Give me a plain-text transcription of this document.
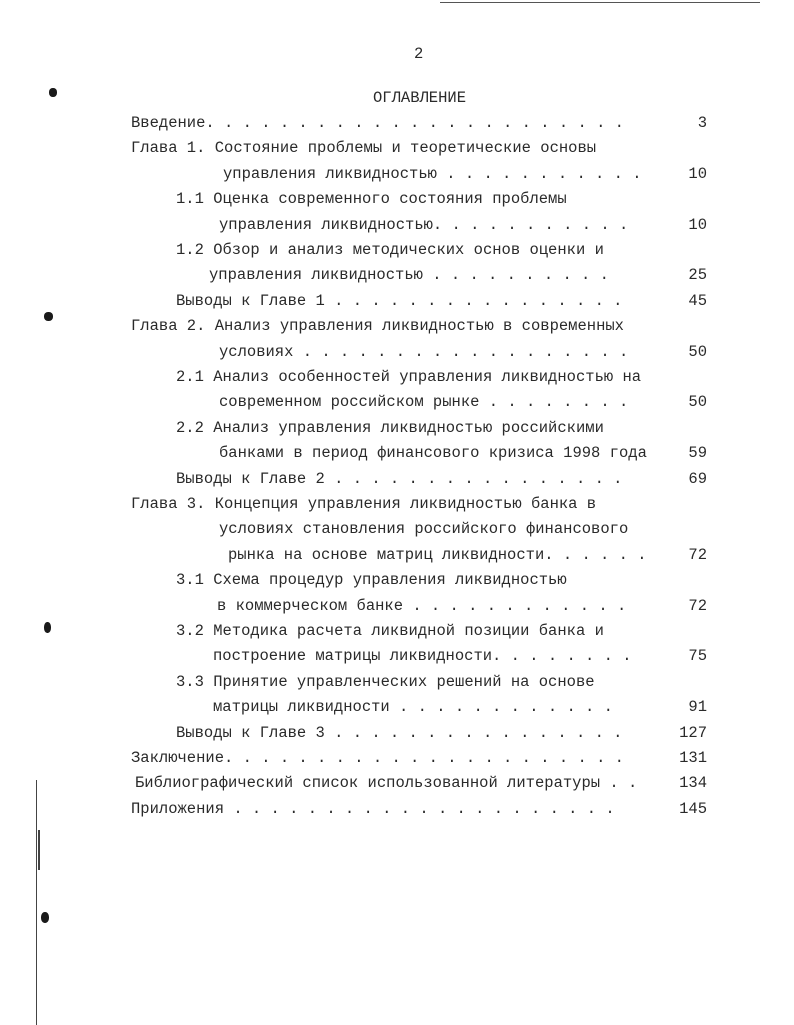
2
ОГЛАВЛЕНИЕ
Введение. . . . . . . . . . . . . . . . . . . . . . .	3
Глава 1. Состояние проблемы и теоретические основы
управления ликвидностью . . . . . . . . . . .	10
1.1 Оценка современного состояния проблемы
управления ликвидностью. . . . . . . . . . .	10
1.2 Обзор и анализ методических основ оценки и
управления ликвидностью . . . . . . . . . .	25
Выводы к Главе 1 . . . . . . . . . . . . . . . .	45
Глава 2. Анализ управления ликвидностью в современных
условиях . . . . . . . . . . . . . . . . . .	50
2.1 Анализ особенностей управления ликвидностью на
современном российском рынке . . . . . . . .	50
2.2 Анализ управления ликвидностью российскими
банками в период финансового кризиса 1998 года	59
Выводы к Главе 2 . . . . . . . . . . . . . . . .	69
Глава 3. Концепция управления ликвидностью банка в
условиях становления российского финансового
рынка на основе матриц ликвидности. . . . . .	72
3.1 Схема процедур управления ликвидностью
в коммерческом банке . . . . . . . . . . . .	72
3.2 Методика расчета ликвидной позиции банка и
построение матрицы ликвидности. . . . . . . .	75
3.3 Принятие управленческих решений на основе
матрицы ликвидности . . . . . . . . . . . .	91
Выводы к Главе 3 . . . . . . . . . . . . . . . .	127
Заключение. . . . . . . . . . . . . . . . . . . . . .	131
Библиографический список использованной литературы . .	134
Приложения . . . . . . . . . . . . . . . . . . . . .	145
